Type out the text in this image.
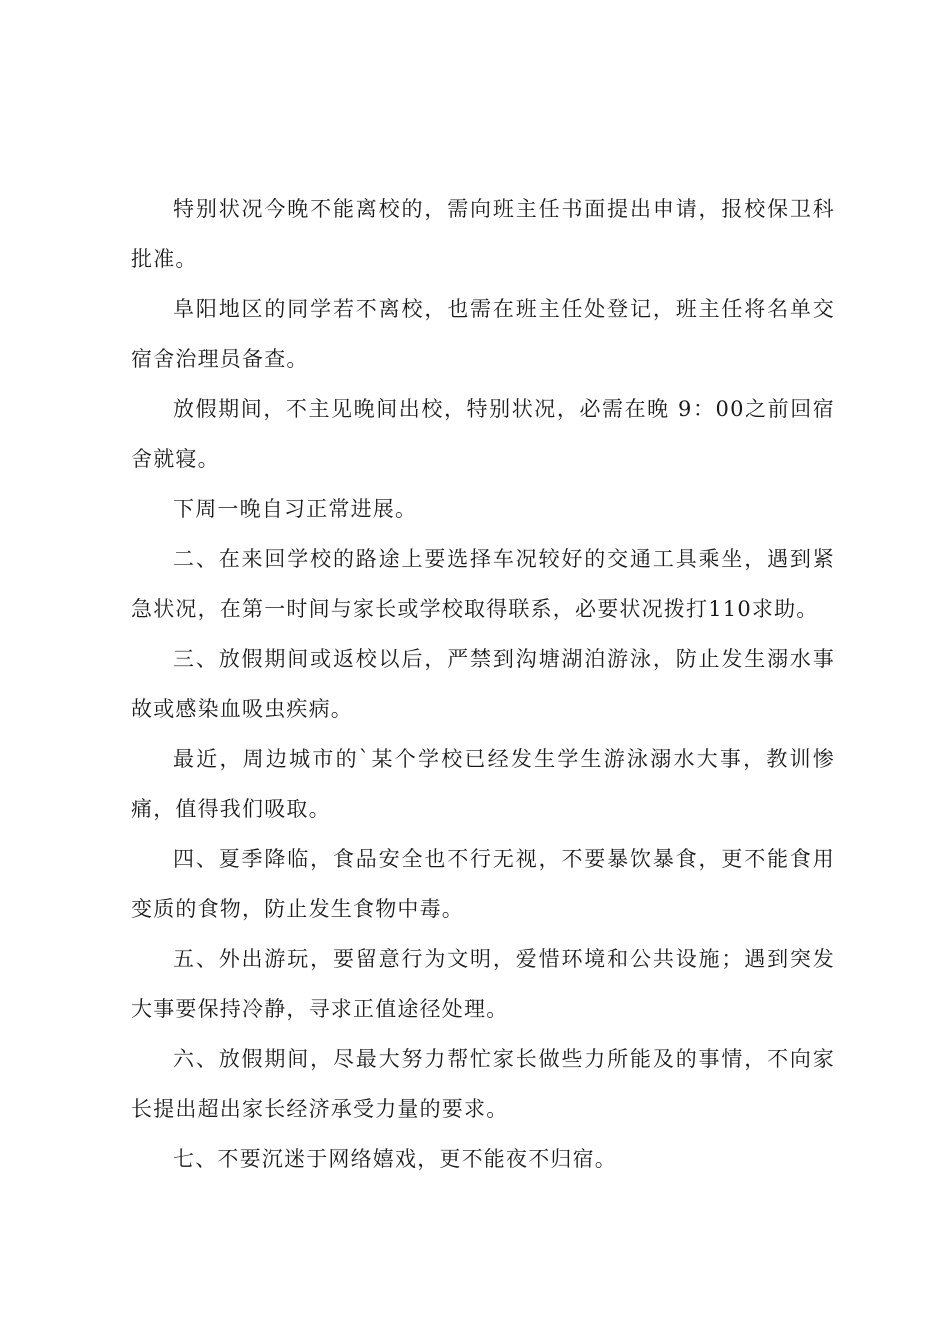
特别状况今晚不能离校的，需向班主任书面提出申请，报校保卫科批准。

阜阳地区的同学若不离校，也需在班主任处登记，班主任将名单交宿舍治理员备查。

放假期间，不主见晚间出校，特别状况，必需在晚 9：00之前回宿舍就寝。

下周一晚自习正常进展。

二、在来回学校的路途上要选择车况较好的交通工具乘坐，遇到紧急状况，在第一时间与家长或学校取得联系，必要状况拨打110求助。

三、放假期间或返校以后，严禁到沟塘湖泊游泳，防止发生溺水事故或感染血吸虫疾病。

最近，周边城市的`某个学校已经发生学生游泳溺水大事，教训惨痛，值得我们吸取。

四、夏季降临，食品安全也不行无视，不要暴饮暴食，更不能食用变质的食物，防止发生食物中毒。

五、外出游玩，要留意行为文明，爱惜环境和公共设施；遇到突发大事要保持冷静，寻求正值途径处理。

六、放假期间，尽最大努力帮忙家长做些力所能及的事情，不向家长提出超出家长经济承受力量的要求。

七、不要沉迷于网络嬉戏，更不能夜不归宿。
